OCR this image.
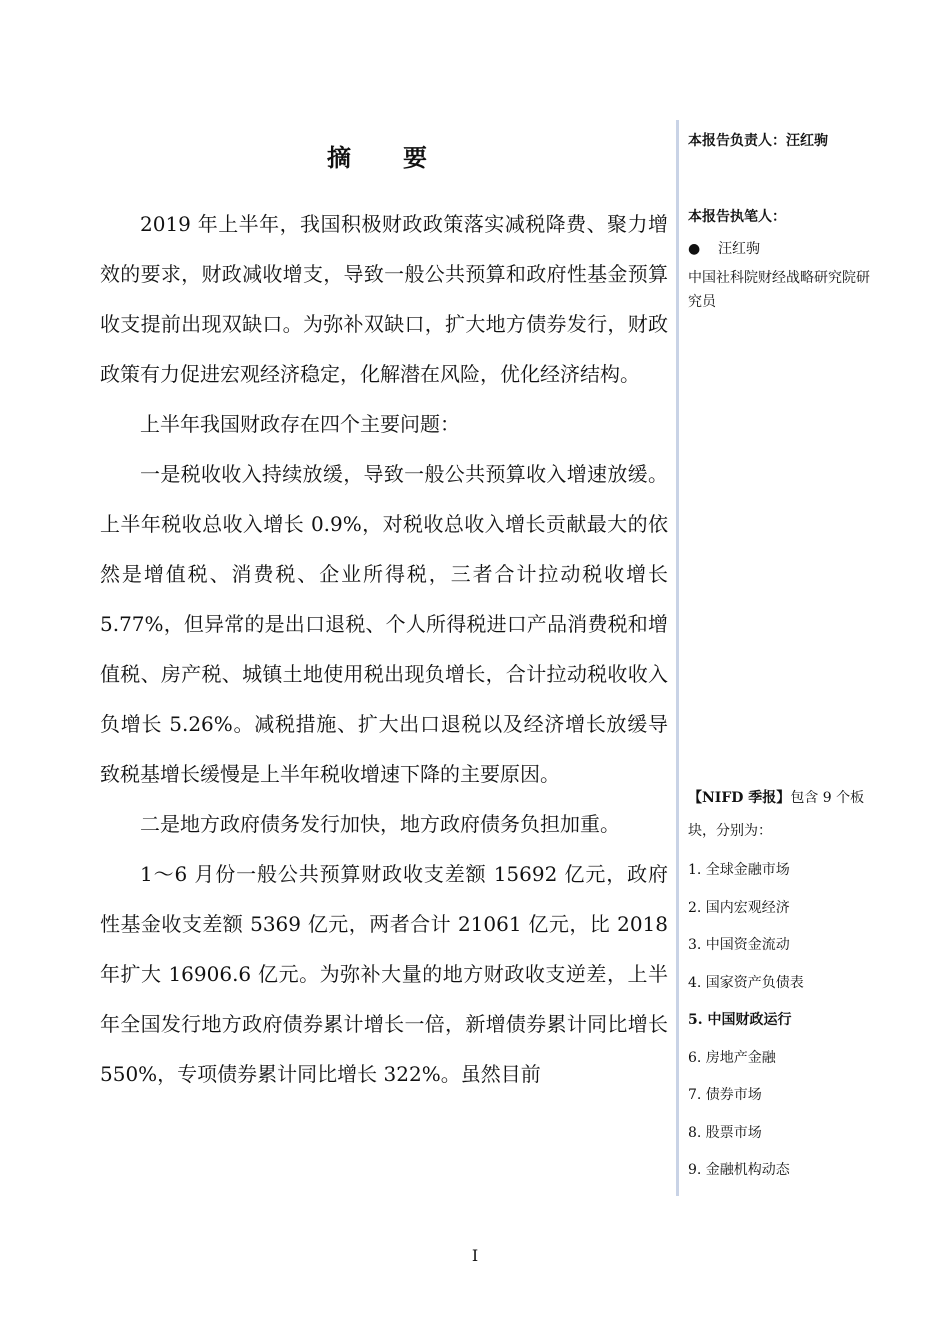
摘　要

2019 年上半年，我国积极财政政策落实减税降费、聚力增效的要求，财政减收增支，导致一般公共预算和政府性基金预算收支提前出现双缺口。为弥补双缺口，扩大地方债券发行，财政政策有力促进宏观经济稳定，化解潜在风险，优化经济结构。

上半年我国财政存在四个主要问题：

一是税收收入持续放缓，导致一般公共预算收入增速放缓。上半年税收总收入增长 0.9%，对税收总收入增长贡献最大的依然是增值税、消费税、企业所得税，三者合计拉动税收增长 5.77%，但异常的是出口退税、个人所得税进口产品消费税和增值税、房产税、城镇土地使用税出现负增长，合计拉动税收收入负增长 5.26%。减税措施、扩大出口退税以及经济增长放缓导致税基增长缓慢是上半年税收增速下降的主要原因。

二是地方政府债务发行加快，地方政府债务负担加重。

1～6 月份一般公共预算财政收支差额 15692 亿元，政府性基金收支差额 5369 亿元，两者合计 21061 亿元，比 2018 年扩大 16906.6 亿元。为弥补大量的地方财政收支逆差，上半年全国发行地方政府债券累计增长一倍，新增债券累计同比增长 550%，专项债券累计同比增长 322%。虽然目前

本报告负责人：汪红驹
本报告执笔人：
● 汪红驹
中国社科院财经战略研究院研究员
【NIFD 季报】包含 9 个板块，分别为：
1. 全球金融市场
2. 国内宏观经济
3. 中国资金流动
4. 国家资产负债表
5. 中国财政运行
6. 房地产金融
7. 债券市场
8. 股票市场
9. 金融机构动态
I
